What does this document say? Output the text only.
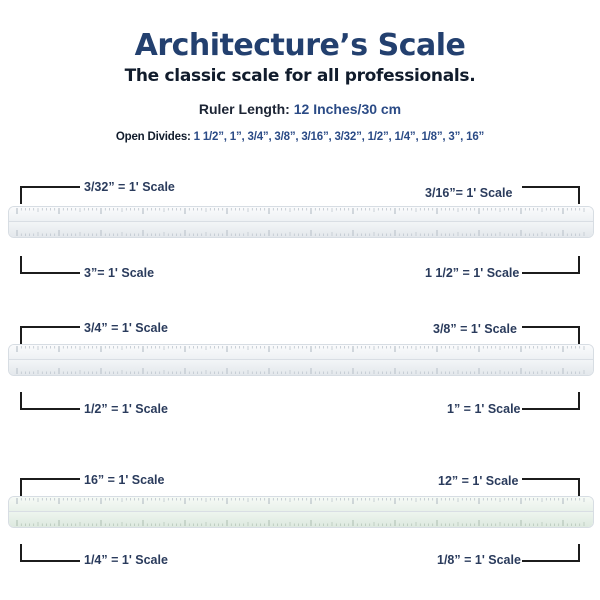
Architecture’s Scale
The classic scale for all professionals.
Ruler Length: 12 Inches/30 cm
Open Divides: 1 1/2”, 1”, 3/4”, 3/8”, 3/16”, 3/32”, 1/2”, 1/4”, 1/8”, 3”, 16”
3/32” = 1' Scale	3/16”= 1' Scale
3”= 1' Scale	1 1/2” = 1' Scale
3/4” = 1' Scale	3/8” = 1' Scale
1/2” = 1' Scale	1” = 1' Scale
16” = 1' Scale	12” = 1' Scale
1/4” = 1' Scale	1/8” = 1' Scale
